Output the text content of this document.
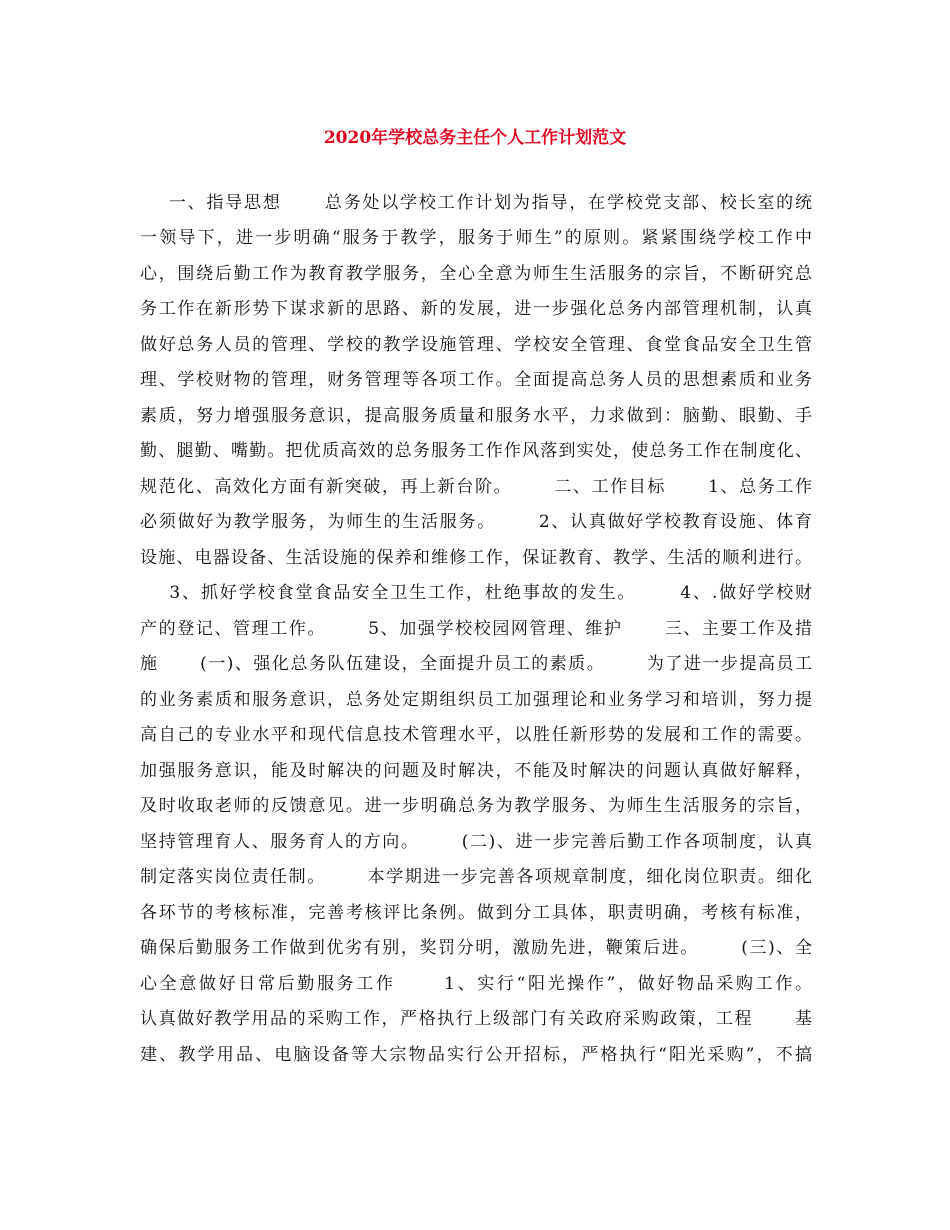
2020年学校总务主任个人工作计划范文
一、指导思想      总务处以学校工作计划为指导，在学校党支部、校长室的统
一领导下，进一步明确“服务于教学，服务于师生”的原则。紧紧围绕学校工作中
心，围绕后勤工作为教育教学服务，全心全意为师生生活服务的宗旨，不断研究总
务工作在新形势下谋求新的思路、新的发展，进一步强化总务内部管理机制，认真
做好总务人员的管理、学校的教学设施管理、学校安全管理、食堂食品安全卫生管
理、学校财物的管理，财务管理等各项工作。全面提高总务人员的思想素质和业务
素质，努力增强服务意识，提高服务质量和服务水平，力求做到：脑勤、眼勤、手
勤、腿勤、嘴勤。把优质高效的总务服务工作作风落到实处，使总务工作在制度化、
规范化、高效化方面有新突破，再上新台阶。      二、工作目标      1、总务工作
必须做好为教学服务，为师生的生活服务。      2、认真做好学校教育设施、体育
设施、电器设备、生活设施的保养和维修工作，保证教育、教学、生活的顺利进行。
3、抓好学校食堂食品安全卫生工作，杜绝事故的发生。      4、.做好学校财
产的登记、管理工作。      5、加强学校校园网管理、维护      三、主要工作及措
施      (一)、强化总务队伍建设，全面提升员工的素质。      为了进一步提高员工
的业务素质和服务意识，总务处定期组织员工加强理论和业务学习和培训，努力提
高自己的专业水平和现代信息技术管理水平，以胜任新形势的发展和工作的需要。
加强服务意识，能及时解决的问题及时解决，不能及时解决的问题认真做好解释，
及时收取老师的反馈意见。进一步明确总务为教学服务、为师生生活服务的宗旨，
坚持管理育人、服务育人的方向。      (二)、进一步完善后勤工作各项制度，认真
制定落实岗位责任制。      本学期进一步完善各项规章制度，细化岗位职责。细化
各环节的考核标准，完善考核评比条例。做到分工具体，职责明确，考核有标准，
确保后勤服务工作做到优劣有别，奖罚分明，激励先进，鞭策后进。      (三)、全
心全意做好日常后勤服务工作      1、实行“阳光操作”，做好物品采购工作。
认真做好教学用品的采购工作，严格执行上级部门有关政府采购政策，工程      基
建、教学用品、电脑设备等大宗物品实行公开招标，严格执行“阳光采购”，不搞
